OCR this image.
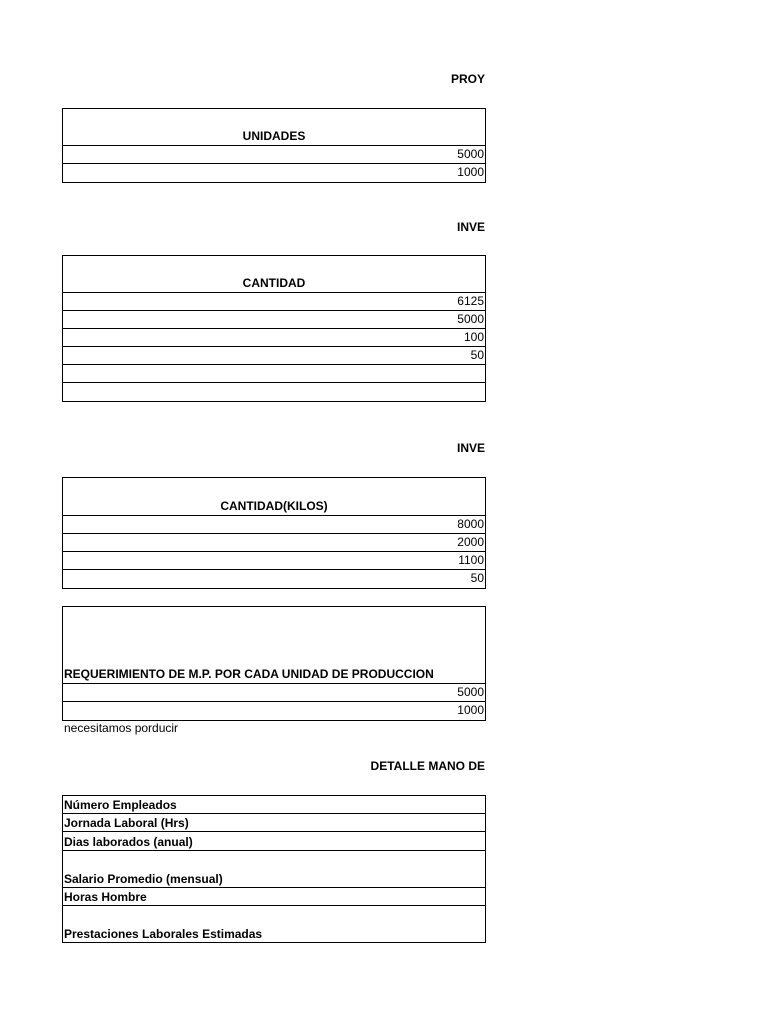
PROY
UNIDADES
5000
1000
INVE
CANTIDAD
6125
5000
100
50
INVE
CANTIDAD(KILOS)
8000
2000
1100
50
REQUERIMIENTO DE M.P. POR CADA UNIDAD DE PRODUCCION
5000
1000
necesitamos porducir
DETALLE MANO DE
Número Empleados
Jornada Laboral (Hrs)
Dias laborados (anual)
Salario Promedio (mensual)
Horas Hombre
Prestaciones Laborales Estimadas
